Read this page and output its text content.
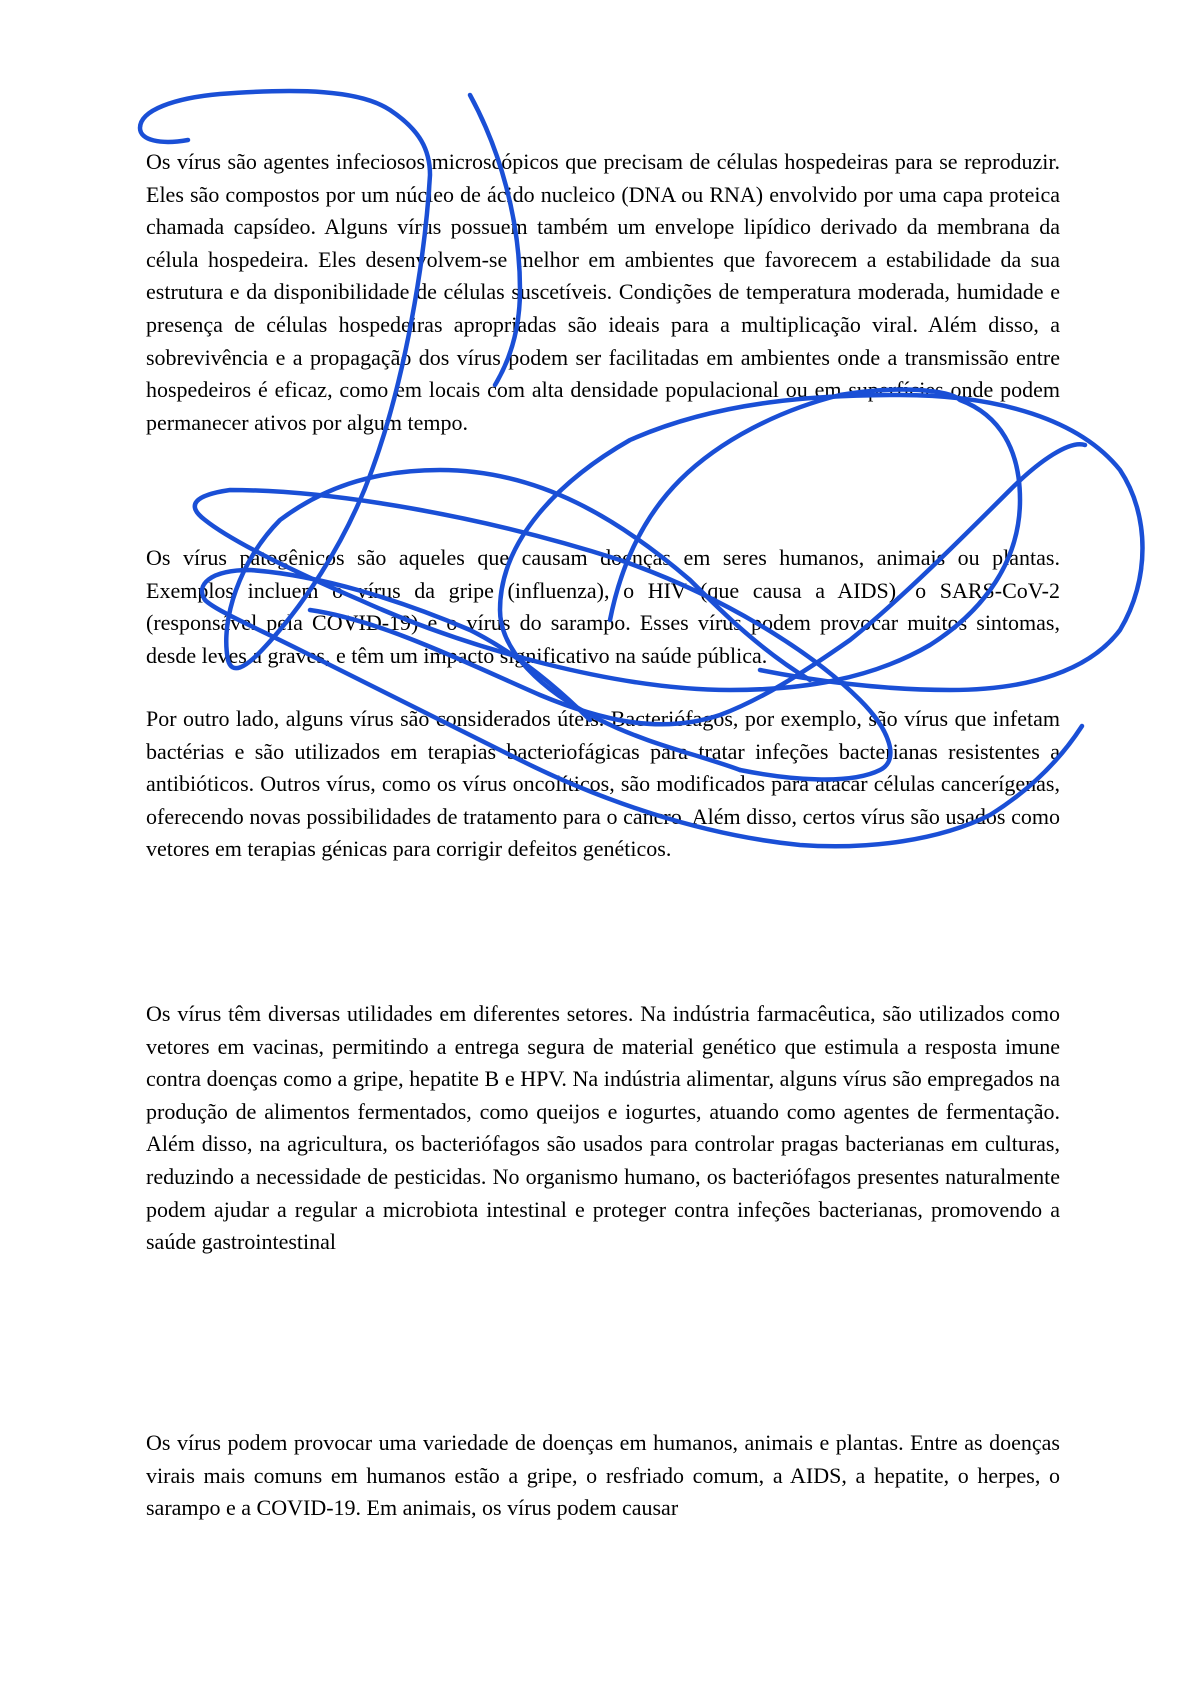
Os vírus são agentes infeciosos microscópicos que precisam de células hospedeiras para se reproduzir. Eles são compostos por um núcleo de ácido nucleico (DNA ou RNA) envolvido por uma capa proteica chamada capsídeo. Alguns vírus possuem também um envelope lipídico derivado da membrana da célula hospedeira. Eles desenvolvem-se melhor em ambientes que favorecem a estabilidade da sua estrutura e da disponibilidade de células suscetíveis. Condições de temperatura moderada, humidade e presença de células hospedeiras apropriadas são ideais para a multiplicação viral. Além disso, a sobrevivência e a propagação dos vírus podem ser facilitadas em ambientes onde a transmissão entre hospedeiros é eficaz, como em locais com alta densidade populacional ou em superfícies onde podem permanecer ativos por algum tempo.

Os vírus patogênicos são aqueles que causam doenças em seres humanos, animais ou plantas. Exemplos incluem o vírus da gripe (influenza), o HIV (que causa a AIDS), o SARS-CoV-2 (responsável pela COVID-19) e o vírus do sarampo. Esses vírus podem provocar muitos sintomas, desde leves a graves, e têm um impacto significativo na saúde pública.

Por outro lado, alguns vírus são considerados úteis. Bacteriófagos, por exemplo, são vírus que infetam bactérias e são utilizados em terapias bacteriofágicas para tratar infeções bacterianas resistentes a antibióticos. Outros vírus, como os vírus oncolíticos, são modificados para atacar células cancerígenas, oferecendo novas possibilidades de tratamento para o cancro. Além disso, certos vírus são usados como vetores em terapias génicas para corrigir defeitos genéticos.

Os vírus têm diversas utilidades em diferentes setores. Na indústria farmacêutica, são utilizados como vetores em vacinas, permitindo a entrega segura de material genético que estimula a resposta imune contra doenças como a gripe, hepatite B e HPV. Na indústria alimentar, alguns vírus são empregados na produção de alimentos fermentados, como queijos e iogurtes, atuando como agentes de fermentação. Além disso, na agricultura, os bacteriófagos são usados para controlar pragas bacterianas em culturas, reduzindo a necessidade de pesticidas. No organismo humano, os bacteriófagos presentes naturalmente podem ajudar a regular a microbiota intestinal e proteger contra infeções bacterianas, promovendo a saúde gastrointestinal

Os vírus podem provocar uma variedade de doenças em humanos, animais e plantas. Entre as doenças virais mais comuns em humanos estão a gripe, o resfriado comum, a AIDS, a hepatite, o herpes, o sarampo e a COVID-19. Em animais, os vírus podem causar
